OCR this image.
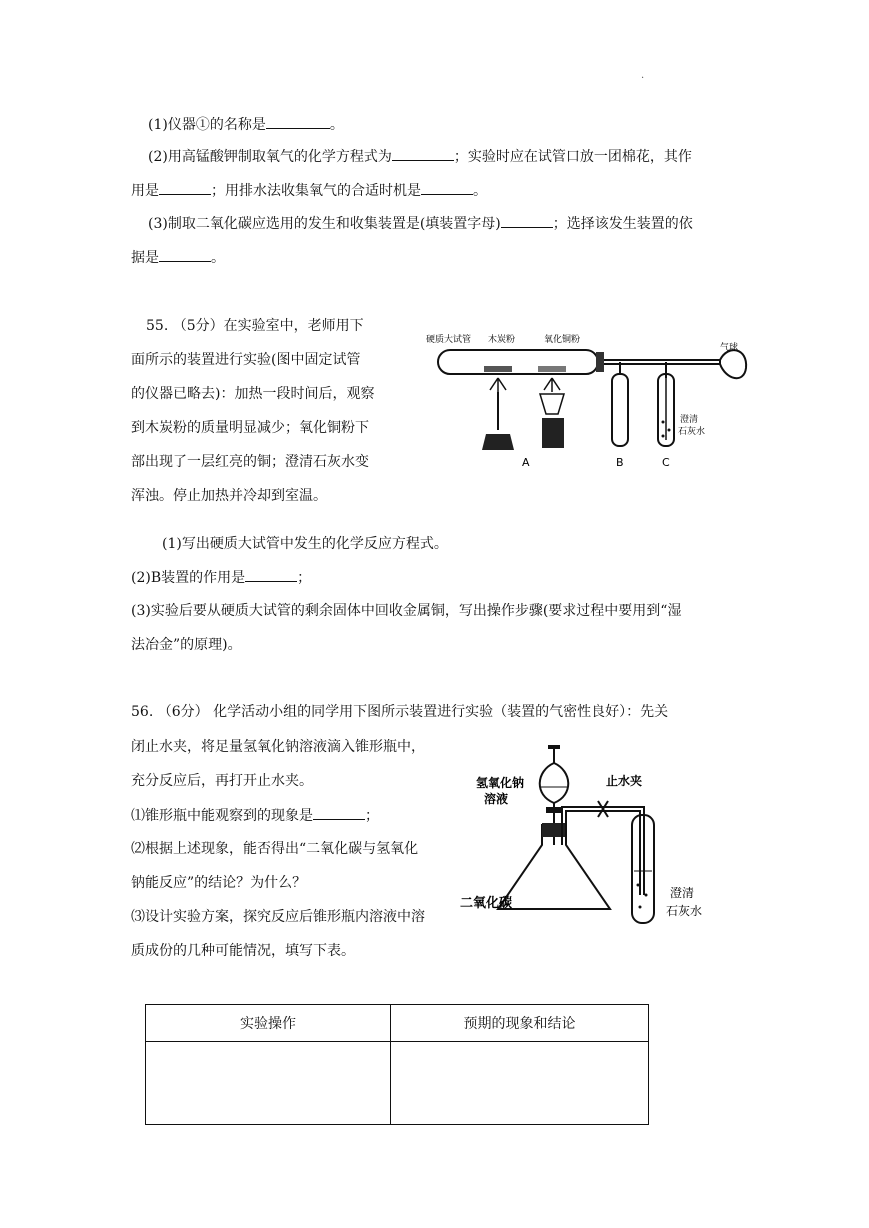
.
(1)仪器①的名称是	。
(2)用高锰酸钾制取氧气的化学方程式为	；实验时应在试管口放一团棉花，其作
用是	；用排水法收集氧气的合适时机是	。
(3)制取二氧化碳应选用的发生和收集装置是(填装置字母)	；选择该发生装置的依
据是	。
55. （5分）在实验室中，老师用下
面所示的装置进行实验(图中固定试管
的仪器已略去)：加热一段时间后，观察
到木炭粉的质量明显减少；氧化铜粉下
部出现了一层红亮的铜；澄清石灰水变
浑浊。停止加热并冷却到室温。
硬质大试管 木炭粉	氧化铜粉
气球
澄清
石灰水
A	B	C
(1)写出硬质大试管中发生的化学反应方程式。
(2)B装置的作用是	；
(3)实验后要从硬质大试管的剩余固体中回收金属铜，写出操作步骤(要求过程中要用到“湿
法冶金”的原理)。
56. （6分） 化学活动小组的同学用下图所示装置进行实验（装置的气密性良好）：先关
闭止水夹，将足量氢氧化钠溶液滴入锥形瓶中，
充分反应后，再打开止水夹。
⑴锥形瓶中能观察到的现象是	；
⑵根据上述现象，能否得出“二氧化碳与氢氧化
钠能反应”的结论？为什么？
⑶设计实验方案，探究反应后锥形瓶内溶液中溶
质成份的几种可能情况，填写下表。
氢氧化钠
溶液
止水夹
二氧化碳
澄清
石灰水
实验操作	预期的现象和结论
